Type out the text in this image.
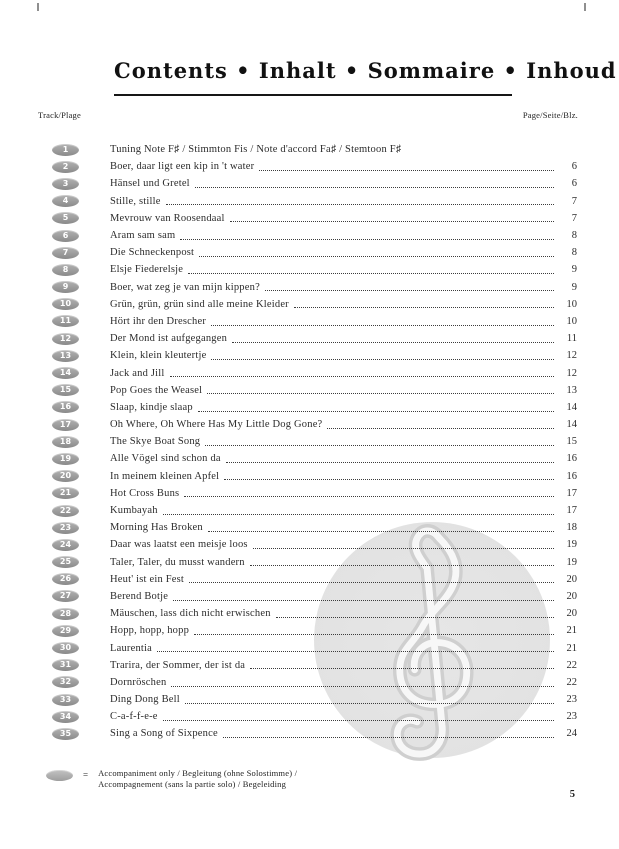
Contents • Inhalt • Sommaire • Inhoud
Track/Plage	Page/Seite/Blz.
1	Tuning Note F♯ / Stimmton Fis / Note d'accord Fa♯ / Stemtoon F♯
2	Boer, daar ligt een kip in 't water	6
3	Hänsel und Gretel	6
4	Stille, stille	7
5	Mevrouw van Roosendaal	7
6	Aram sam sam	8
7	Die Schneckenpost	8
8	Elsje Fiederelsje	9
9	Boer, wat zeg je van mijn kippen?	9
10	Grün, grün, grün sind alle meine Kleider	10
11	Hört ihr den Drescher	10
12	Der Mond ist aufgegangen	11
13	Klein, klein kleutertje	12
14	Jack and Jill	12
15	Pop Goes the Weasel	13
16	Slaap, kindje slaap	14
17	Oh Where, Oh Where Has My Little Dog Gone?	14
18	The Skye Boat Song	15
19	Alle Vögel sind schon da	16
20	In meinem kleinen Apfel	16
21	Hot Cross Buns	17
22	Kumbayah	17
23	Morning Has Broken	18
24	Daar was laatst een meisje loos	19
25	Taler, Taler, du musst wandern	19
26	Heut' ist ein Fest	20
27	Berend Botje	20
28	Mäuschen, lass dich nicht erwischen	20
29	Hopp, hopp, hopp	21
30	Laurentia	21
31	Trarira, der Sommer, der ist da	22
32	Dornröschen	22
33	Ding Dong Bell	23
34	C-a-f-f-e-e	23
35	Sing a Song of Sixpence	24
= Accompaniment only / Begleitung (ohne Solostimme) /
Accompagnement (sans la partie solo) / Begeleiding
5
